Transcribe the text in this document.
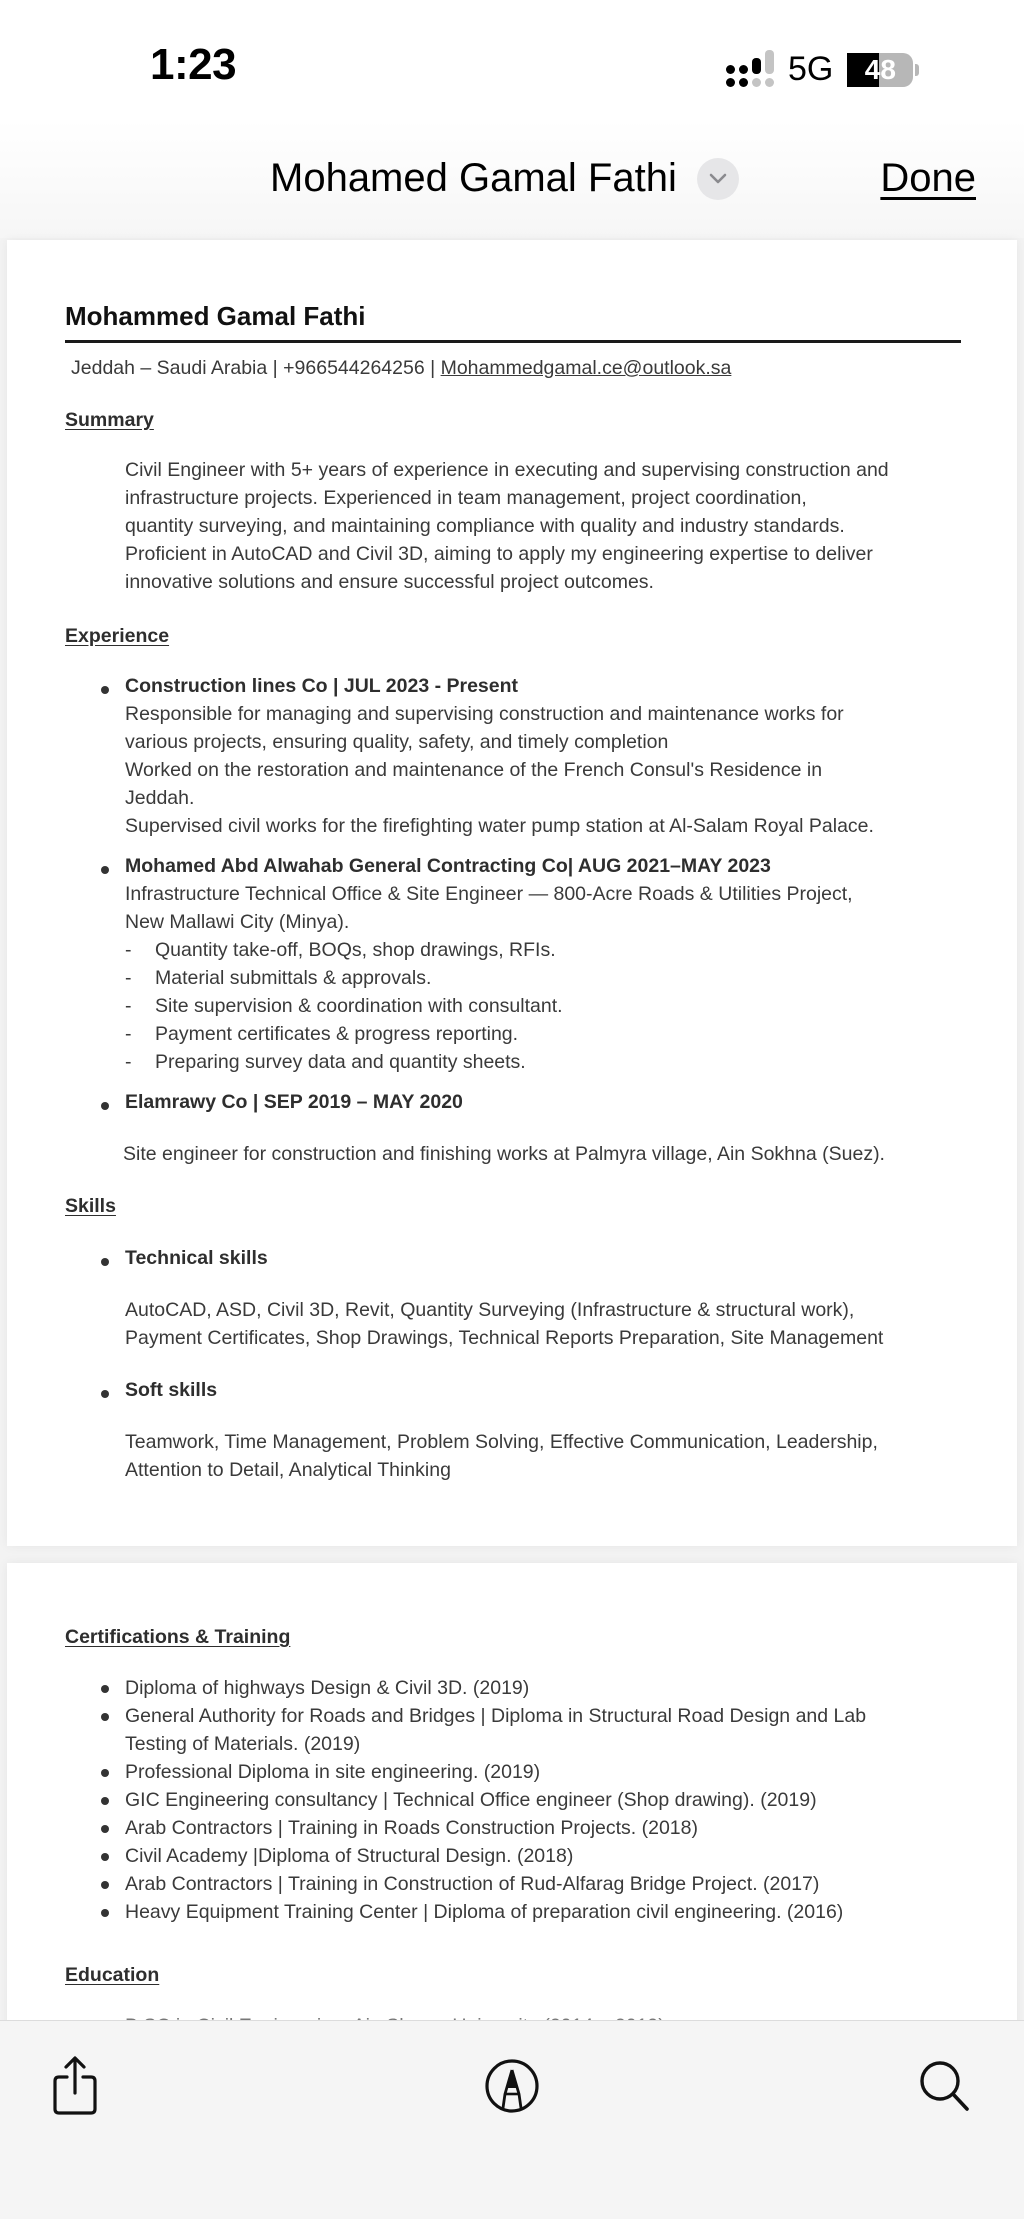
1:23	5G	48
Mohamed Gamal Fathi	Done
Mohammed Gamal Fathi
Jeddah – Saudi Arabia | +966544264256 | Mohammedgamal.ce@outlook.sa
Summary
Civil Engineer with 5+ years of experience in executing and supervising construction and
infrastructure projects. Experienced in team management, project coordination,
quantity surveying, and maintaining compliance with quality and industry standards.
Proficient in AutoCAD and Civil 3D, aiming to apply my engineering expertise to deliver
innovative solutions and ensure successful project outcomes.
Experience
Construction lines Co | JUL 2023 - Present
Responsible for managing and supervising construction and maintenance works for
various projects, ensuring quality, safety, and timely completion
Worked on the restoration and maintenance of the French Consul's Residence in
Jeddah.
Supervised civil works for the firefighting water pump station at Al-Salam Royal Palace.
Mohamed Abd Alwahab General Contracting Co| AUG 2021–MAY 2023
Infrastructure Technical Office & Site Engineer — 800-Acre Roads & Utilities Project,
New Mallawi City (Minya).
- Quantity take-off, BOQs, shop drawings, RFIs.
- Material submittals & approvals.
- Site supervision & coordination with consultant.
- Payment certificates & progress reporting.
- Preparing survey data and quantity sheets.
Elamrawy Co | SEP 2019 – MAY 2020
Site engineer for construction and finishing works at Palmyra village, Ain Sokhna (Suez).
Skills
Technical skills
AutoCAD, ASD, Civil 3D, Revit, Quantity Surveying (Infrastructure & structural work),
Payment Certificates, Shop Drawings, Technical Reports Preparation, Site Management
Soft skills
Teamwork, Time Management, Problem Solving, Effective Communication, Leadership,
Attention to Detail, Analytical Thinking
Certifications & Training
Diploma of highways Design & Civil 3D. (2019)
General Authority for Roads and Bridges | Diploma in Structural Road Design and Lab
Testing of Materials. (2019)
Professional Diploma in site engineering. (2019)
GIC Engineering consultancy | Technical Office engineer (Shop drawing). (2019)
Arab Contractors | Training in Roads Construction Projects. (2018)
Civil Academy |Diploma of Structural Design. (2018)
Arab Contractors | Training in Construction of Rud-Alfarag Bridge Project. (2017)
Heavy Equipment Training Center | Diploma of preparation civil engineering. (2016)
Education
